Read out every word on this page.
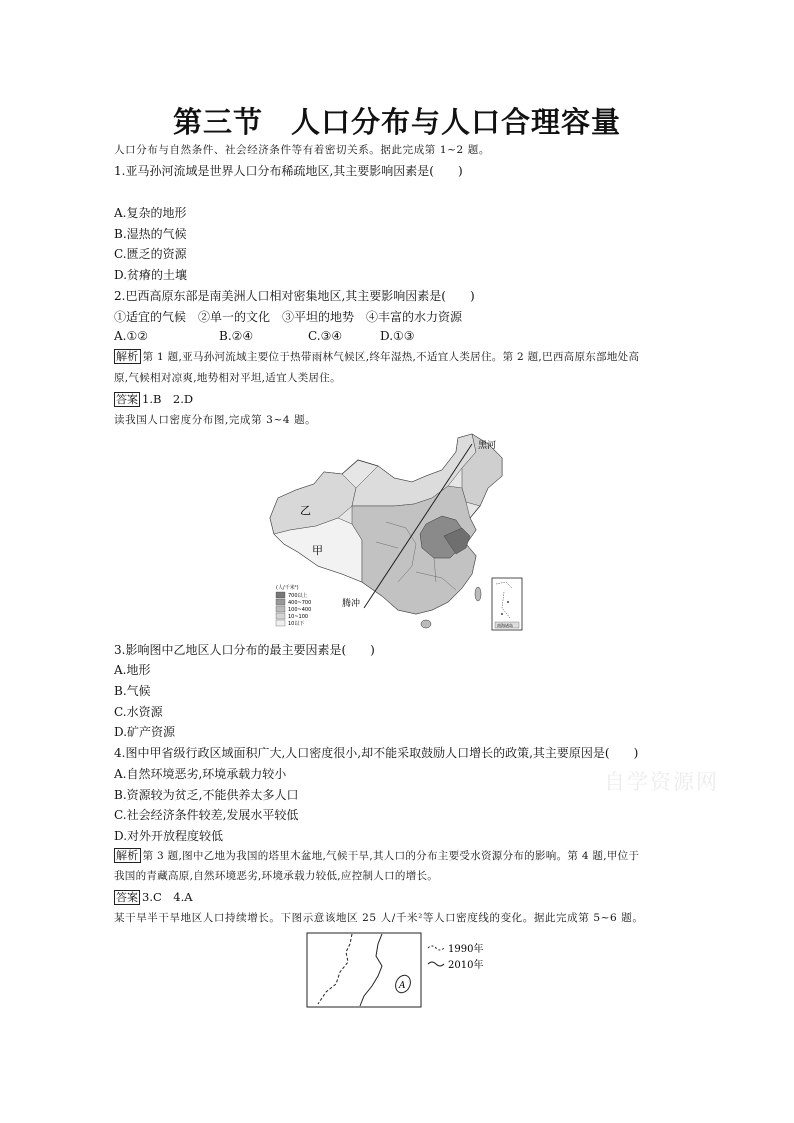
第三节 人口分布与人口合理容量
人口分布与自然条件、社会经济条件等有着密切关系。据此完成第 1~2 题。
1.亚马孙河流域是世界人口分布稀疏地区,其主要影响因素是(　　)
A.复杂的地形
B.湿热的气候
C.匮乏的资源
D.贫瘠的土壤
2.巴西高原东部是南美洲人口相对密集地区,其主要影响因素是(　　)
①适宜的气候　②单一的文化　③平坦的地势　④丰富的水力资源
A.①②	B.②④	C.③④	D.①③
解析 第 1 题,亚马孙河流域主要位于热带雨林气候区,终年湿热,不适宜人类居住。第 2 题,巴西高原东部地处高
原,气候相对凉爽,地势相对平坦,适宜人类居住。
答案 1.B　2.D
读我国人口密度分布图,完成第 3~4 题。
黑河
腾冲
乙
甲
(人/千米²)
700以上
400~700
100~400
10~100
10以下	南海诸岛
3.影响图中乙地区人口分布的最主要因素是(　　)
A.地形
B.气候
C.水资源
D.矿产资源
4.图中甲省级行政区域面积广大,人口密度很小,却不能采取鼓励人口增长的政策,其主要原因是(　　)
A.自然环境恶劣,环境承载力较小
B.资源较为贫乏,不能供养太多人口
C.社会经济条件较差,发展水平较低
D.对外开放程度较低
自学资源网
解析 第 3 题,图中乙地为我国的塔里木盆地,气候干旱,其人口的分布主要受水资源分布的影响。第 4 题,甲位于
我国的青藏高原,自然环境恶劣,环境承载力较低,应控制人口的增长。
答案 3.C　4.A
某干旱半干旱地区人口持续增长。下图示意该地区 25 人/千米²等人口密度线的变化。据此完成第 5~6 题。
A
1990年
2010年
